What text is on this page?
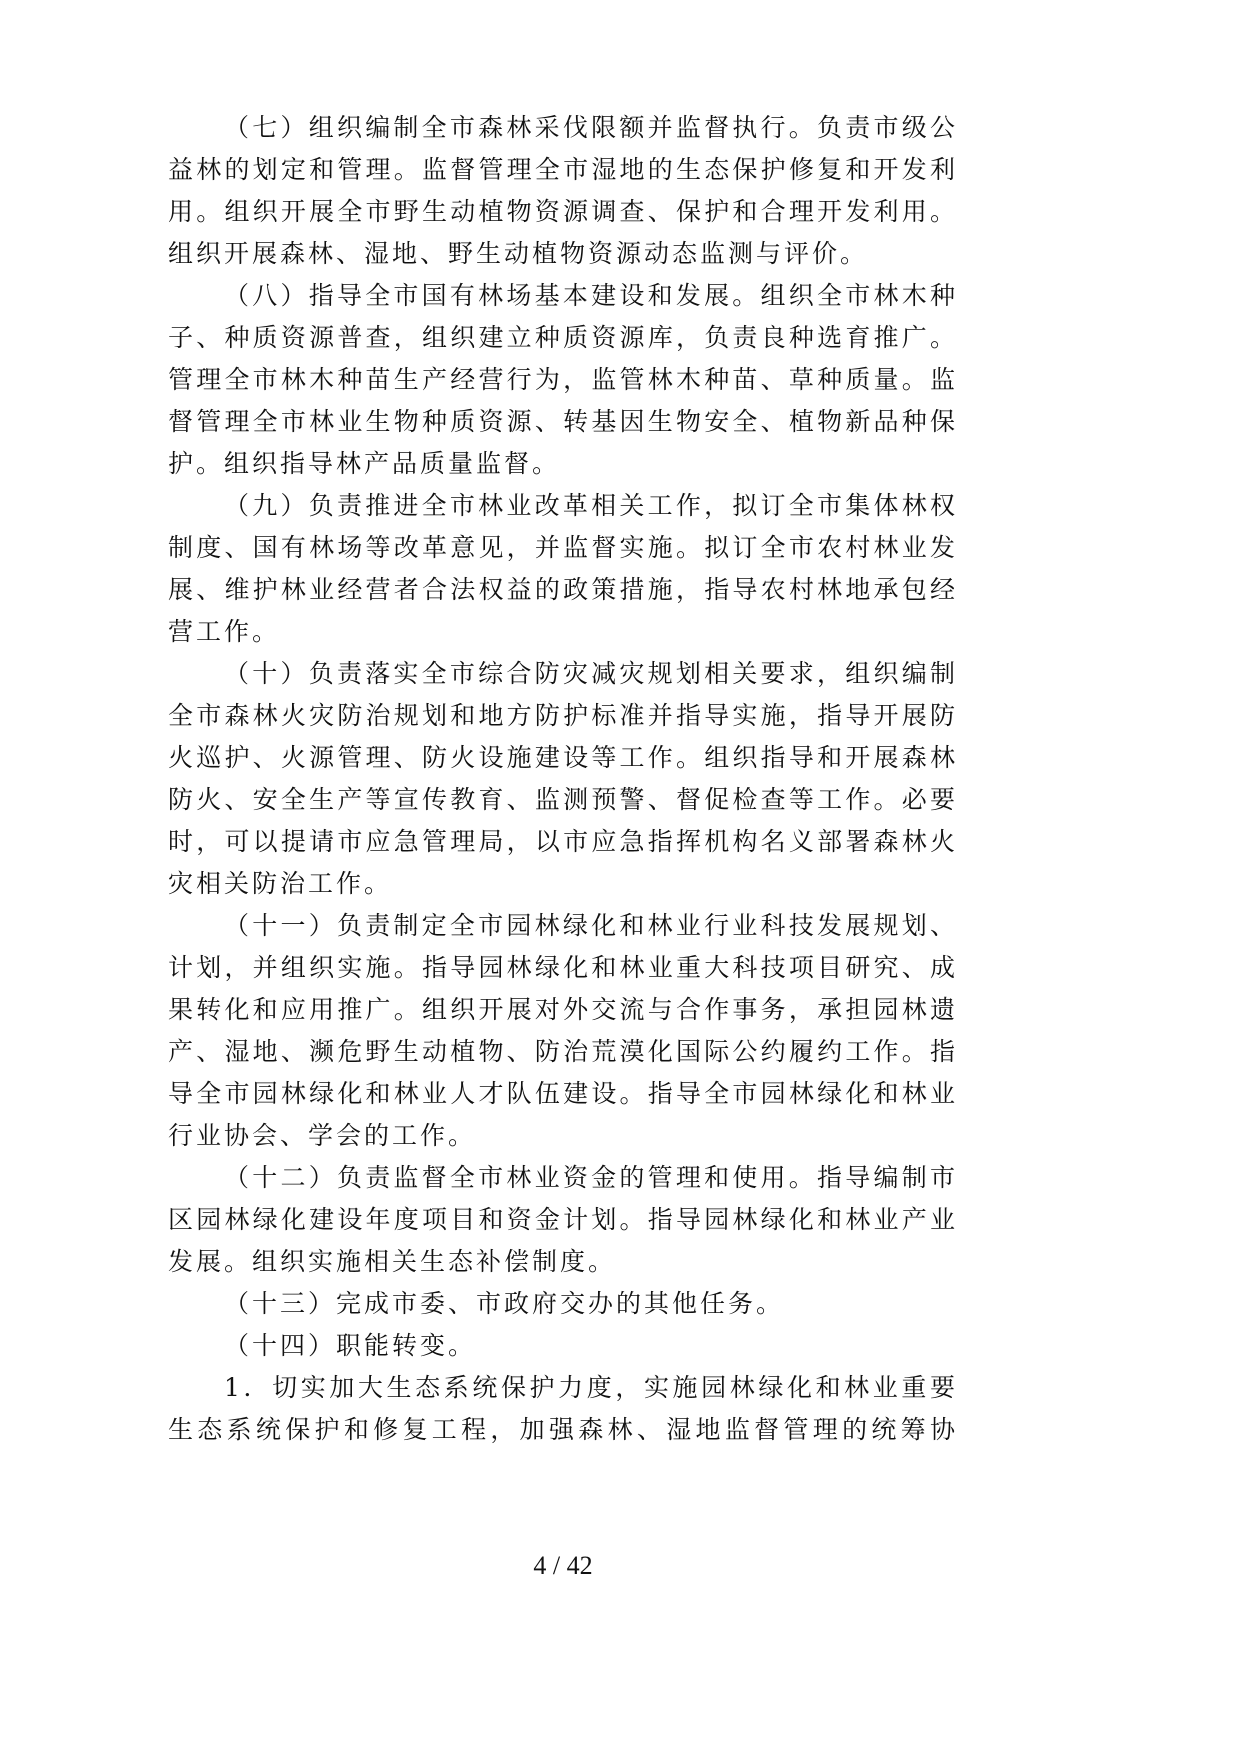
（七）组织编制全市森林采伐限额并监督执行。负责市级公
益林的划定和管理。监督管理全市湿地的生态保护修复和开发利
用。组织开展全市野生动植物资源调查、保护和合理开发利用。
组织开展森林、湿地、野生动植物资源动态监测与评价。
（八）指导全市国有林场基本建设和发展。组织全市林木种
子、种质资源普查，组织建立种质资源库，负责良种选育推广。
管理全市林木种苗生产经营行为，监管林木种苗、草种质量。监
督管理全市林业生物种质资源、转基因生物安全、植物新品种保
护。组织指导林产品质量监督。
（九）负责推进全市林业改革相关工作，拟订全市集体林权
制度、国有林场等改革意见，并监督实施。拟订全市农村林业发
展、维护林业经营者合法权益的政策措施，指导农村林地承包经
营工作。
（十）负责落实全市综合防灾减灾规划相关要求，组织编制
全市森林火灾防治规划和地方防护标准并指导实施，指导开展防
火巡护、火源管理、防火设施建设等工作。组织指导和开展森林
防火、安全生产等宣传教育、监测预警、督促检查等工作。必要
时，可以提请市应急管理局，以市应急指挥机构名义部署森林火
灾相关防治工作。
（十一）负责制定全市园林绿化和林业行业科技发展规划、
计划，并组织实施。指导园林绿化和林业重大科技项目研究、成
果转化和应用推广。组织开展对外交流与合作事务，承担园林遗
产、湿地、濒危野生动植物、防治荒漠化国际公约履约工作。指
导全市园林绿化和林业人才队伍建设。指导全市园林绿化和林业
行业协会、学会的工作。
（十二）负责监督全市林业资金的管理和使用。指导编制市
区园林绿化建设年度项目和资金计划。指导园林绿化和林业产业
发展。组织实施相关生态补偿制度。
（十三）完成市委、市政府交办的其他任务。
（十四）职能转变。
1．切实加大生态系统保护力度，实施园林绿化和林业重要
生态系统保护和修复工程，加强森林、湿地监督管理的统筹协
4 / 42
